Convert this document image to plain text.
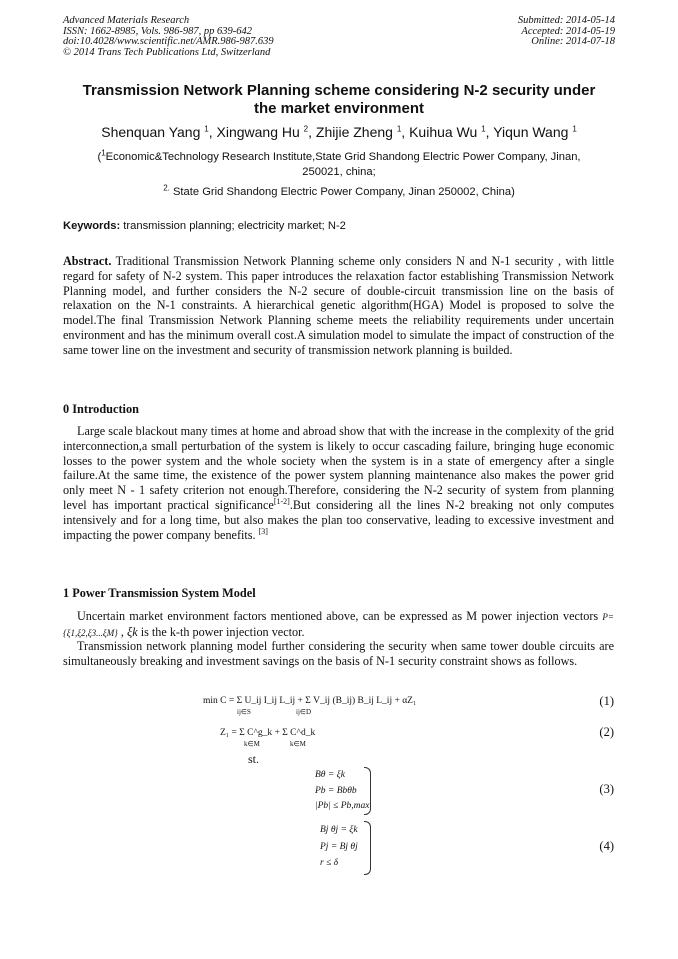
Advanced Materials Research
ISSN: 1662-8985, Vols. 986-987, pp 639-642
doi:10.4028/www.scientific.net/AMR.986-987.639
© 2014 Trans Tech Publications Ltd, Switzerland
Submitted: 2014-05-14
Accepted: 2014-05-19
Online: 2014-07-18
Transmission Network Planning scheme considering N-2 security under
the market environment
Shenquan Yang $^1$, Xingwang Hu $^2$, Zhijie Zheng $^1$, Kuihua Wu $^1$, Yiqun Wang $^1$
($^1$Economic&Technology Research Institute,State Grid Shandong Electric Power Company, Jinan,
250021, china;
$^{2.}$ State Grid Shandong Electric Power Company, Jinan 250002, China)
Keywords: transmission planning; electricity market; N-2
Abstract. Traditional Transmission Network Planning scheme only considers N and N-1 security , with little regard for safety of N-2 system. This paper introduces the relaxation factor establishing Transmission Network Planning model, and further considers the N-2 secure of double-circuit transmission line on the basis of relaxation on the N-1 constraints. A hierarchical genetic algorithm(HGA) Model is proposed to solve the model.The final Transmission Network Planning scheme meets the reliability requirements under uncertain environment and has the minimum overall cost.A simulation model to simulate the impact of construction of the same tower line on the investment and security of transmission network planning is builded.
0 Introduction
Large scale blackout many times at home and abroad show that with the increase in the complexity of the grid interconnection,a small perturbation of the system is likely to occur cascading failure, bringing huge economic losses to the power system and the whole society when the system is in a state of emergency after a single failure.At the same time, the existence of the power system planning maintenance also makes the power grid only meet N - 1 safety criterion not enough.Therefore, considering the N-2 security of system from planning level has important practical significance[1-2].But considering all the lines N-2 breaking not only computes intensively and for a long time, but also makes the plan too conservative, leading to excessive investment and impacting the power company benefits. [3]
1 Power Transmission System Model
Uncertain market environment factors mentioned above, can be expressed as M power injection vectors P={ξ1,ξ2,ξ3...ξM} , ξk is the k-th power injection vector.
Transmission network planning model further considering the security when same tower double circuits are simultaneously breaking and investment savings on the basis of N-1 security constraint shows as follows.
min C = Σ U_ij I_ij L_ij + Σ V_ij (B_ij) B_ij L_ij + αZ₁
ij∈S	ij∈D
(1)
Z₁ = Σ C^g_k + Σ C^d_k
k∈M	k∈M
(2)
st.
Bθ = ξk
Pb = Bbθb
|Pb| ≤ Pb,max
(3)
Bj θj = ξk
Pj = Bj θj
r ≤ δ
(4)
